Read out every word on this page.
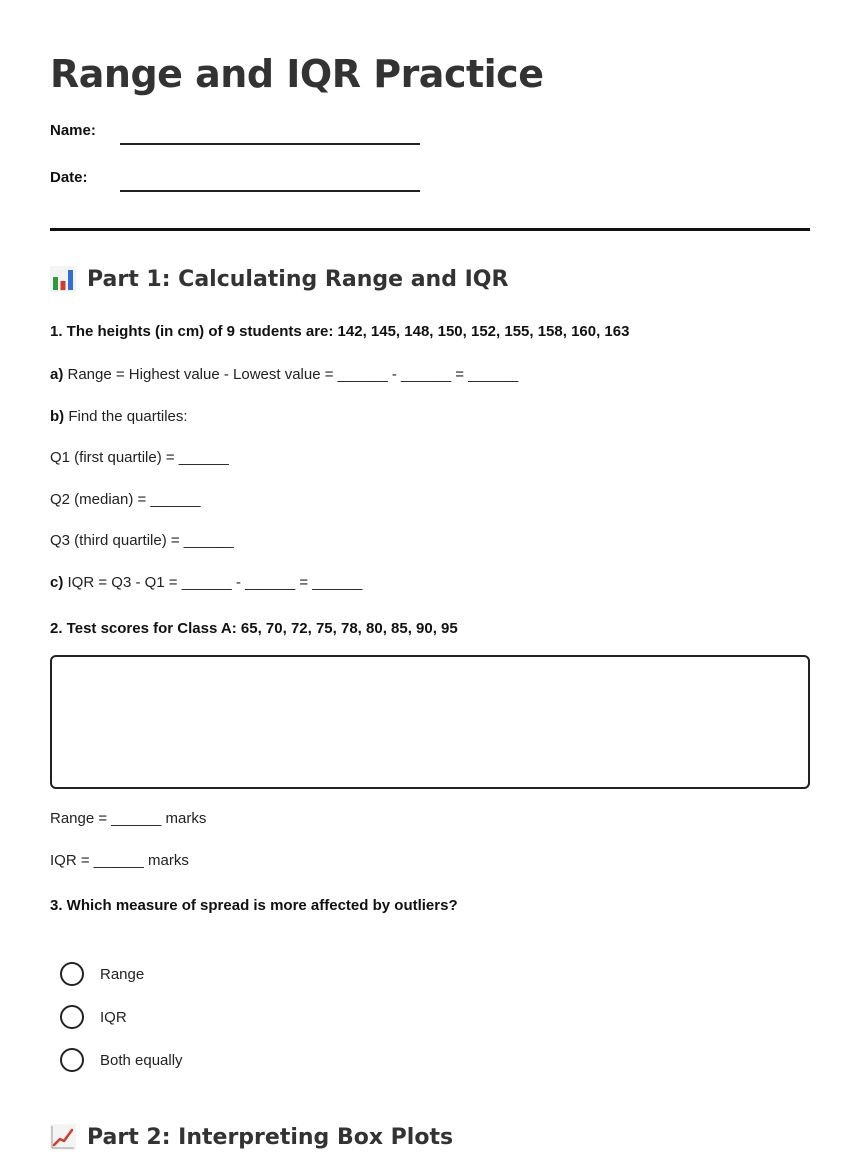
Range and IQR Practice
Name:
Date:
Part 1: Calculating Range and IQR
1. The heights (in cm) of 9 students are: 142, 145, 148, 150, 152, 155, 158, 160, 163
a) Range = Highest value - Lowest value = ______ - ______ = ______
b) Find the quartiles:
Q1 (first quartile) = ______
Q2 (median) = ______
Q3 (third quartile) = ______
c) IQR = Q3 - Q1 = ______ - ______ = ______
2. Test scores for Class A: 65, 70, 72, 75, 78, 80, 85, 90, 95
Range = ______ marks
IQR = ______ marks
3. Which measure of spread is more affected by outliers?
Range
IQR
Both equally
Part 2: Interpreting Box Plots
